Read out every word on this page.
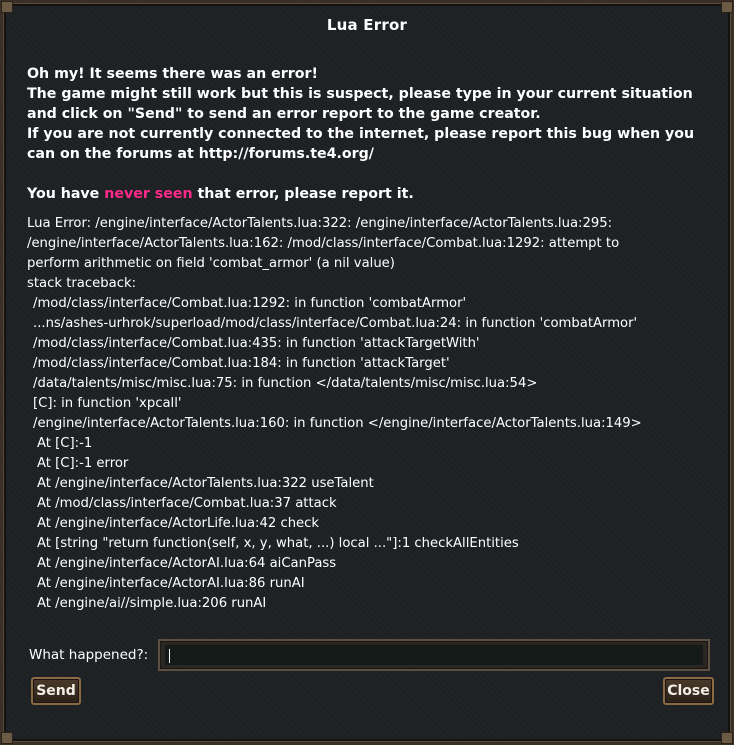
Lua Error
Oh my! It seems there was an error!
The game might still work but this is suspect, please type in your current situation
and click on "Send" to send an error report to the game creator.
If you are not currently connected to the internet, please report this bug when you
can on the forums at http://forums.te4.org/
You have never seen that error, please report it.
Lua Error: /engine/interface/ActorTalents.lua:322: /engine/interface/ActorTalents.lua:295:
/engine/interface/ActorTalents.lua:162: /mod/class/interface/Combat.lua:1292: attempt to
perform arithmetic on field 'combat_armor' (a nil value)
stack traceback:
/mod/class/interface/Combat.lua:1292: in function 'combatArmor'
...ns/ashes-urhrok/superload/mod/class/interface/Combat.lua:24: in function 'combatArmor'
/mod/class/interface/Combat.lua:435: in function 'attackTargetWith'
/mod/class/interface/Combat.lua:184: in function 'attackTarget'
/data/talents/misc/misc.lua:75: in function </data/talents/misc/misc.lua:54>
[C]: in function 'xpcall'
/engine/interface/ActorTalents.lua:160: in function </engine/interface/ActorTalents.lua:149>
At [C]:-1
At [C]:-1 error
At /engine/interface/ActorTalents.lua:322 useTalent
At /mod/class/interface/Combat.lua:37 attack
At /engine/interface/ActorLife.lua:42 check
At [string "return function(self, x, y, what, ...) local ..."]:1 checkAllEntities
At /engine/interface/ActorAI.lua:64 aiCanPass
At /engine/interface/ActorAI.lua:86 runAI
At /engine/ai//simple.lua:206 runAI
What happened?:
Send	Close
